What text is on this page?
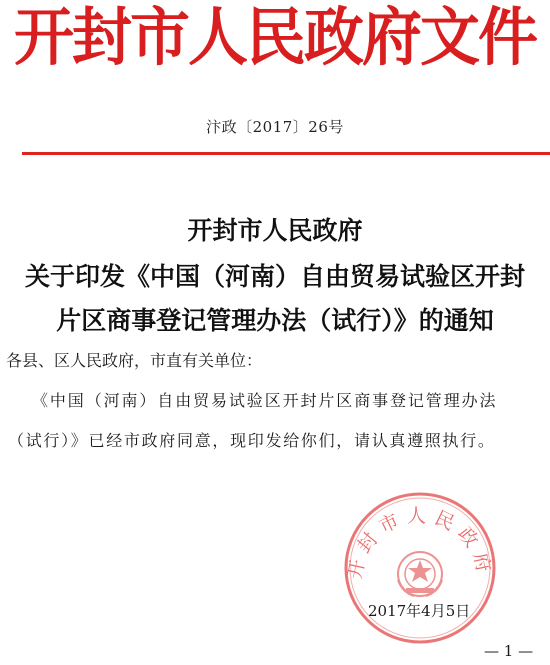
开封市人民政府文件
汴政〔2017〕26号
开封市人民政府
关于印发《中国（河南）自由贸易试验区开封
片区商事登记管理办法（试行）》的通知
各县、区人民政府，市直有关单位：
《中国（河南）自由贸易试验区开封片区商事登记管理办法
（试行）》已经市政府同意，现印发给你们，请认真遵照执行。
开封市人民政府
2017年4月5日
— 1 —
